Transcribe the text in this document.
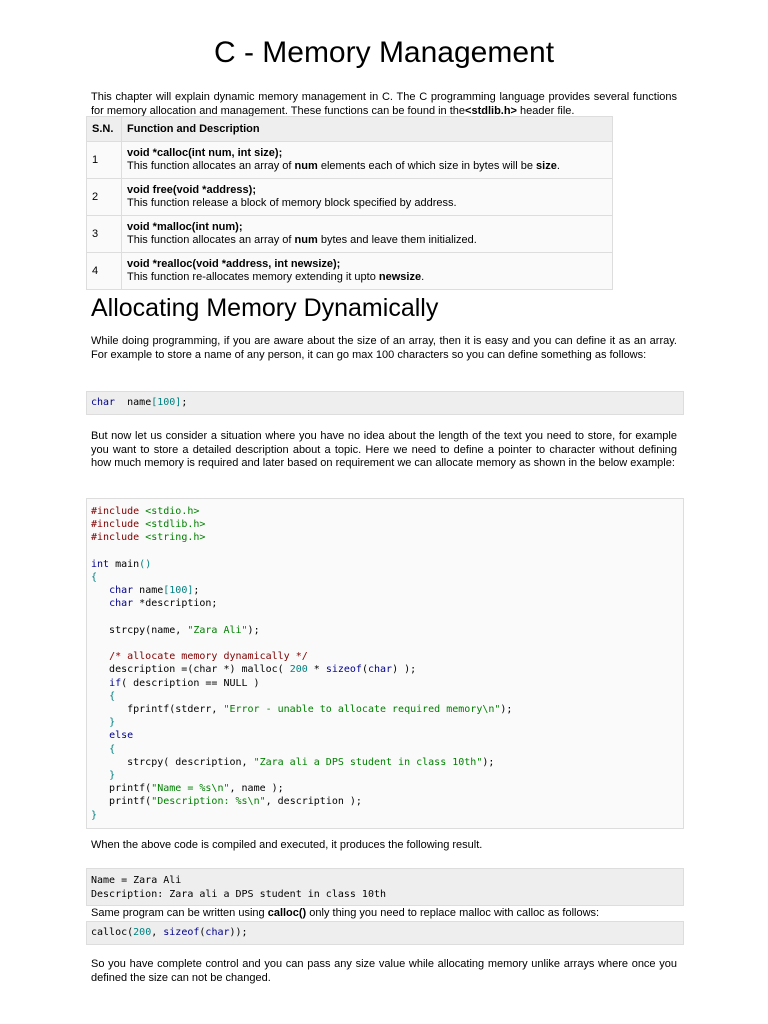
C - Memory Management

This chapter will explain dynamic memory management in C. The C programming language provides several functions for memory allocation and management. These functions can be found in the<stdlib.h> header file.

S.N.	Function and Description
1	void *calloc(int num, int size);
This function allocates an array of num elements each of which size in bytes will be size.

2	void free(void *address);
This function release a block of memory block specified by address.

3	void *malloc(int num);
This function allocates an array of num bytes and leave them initialized.

4	void *realloc(void *address, int newsize);
This function re-allocates memory extending it upto newsize.
Allocating Memory Dynamically

While doing programming, if you are aware about the size of an array, then it is easy and you can define it as an array. For example to store a name of any person, it can go max 100 characters so you can define something as follows:

char  name[100];

But now let us consider a situation where you have no idea about the length of the text you need to store, for example you want to store a detailed description about a topic. Here we need to define a pointer to character without defining how much memory is required and later based on requirement we can allocate memory as shown in the below example:

#include <stdio.h>
#include <stdlib.h>
#include <string.h>

int main()
{
char name[100];
char *description;

strcpy(name, "Zara Ali");

/* allocate memory dynamically */
description =(char *) malloc( 200 * sizeof(char) );
if( description == NULL )
{
fprintf(stderr, "Error - unable to allocate required memory\n");
}
else
{
strcpy( description, "Zara ali a DPS student in class 10th");
}
printf("Name = %s\n", name );
printf("Description: %s\n", description );
}

When the above code is compiled and executed, it produces the following result.

Name = Zara Ali
Description: Zara ali a DPS student in class 10th

Same program can be written using calloc() only thing you need to replace malloc with calloc as follows:

calloc(200, sizeof(char));

So you have complete control and you can pass any size value while allocating memory unlike arrays where once you defined the size can not be changed.
